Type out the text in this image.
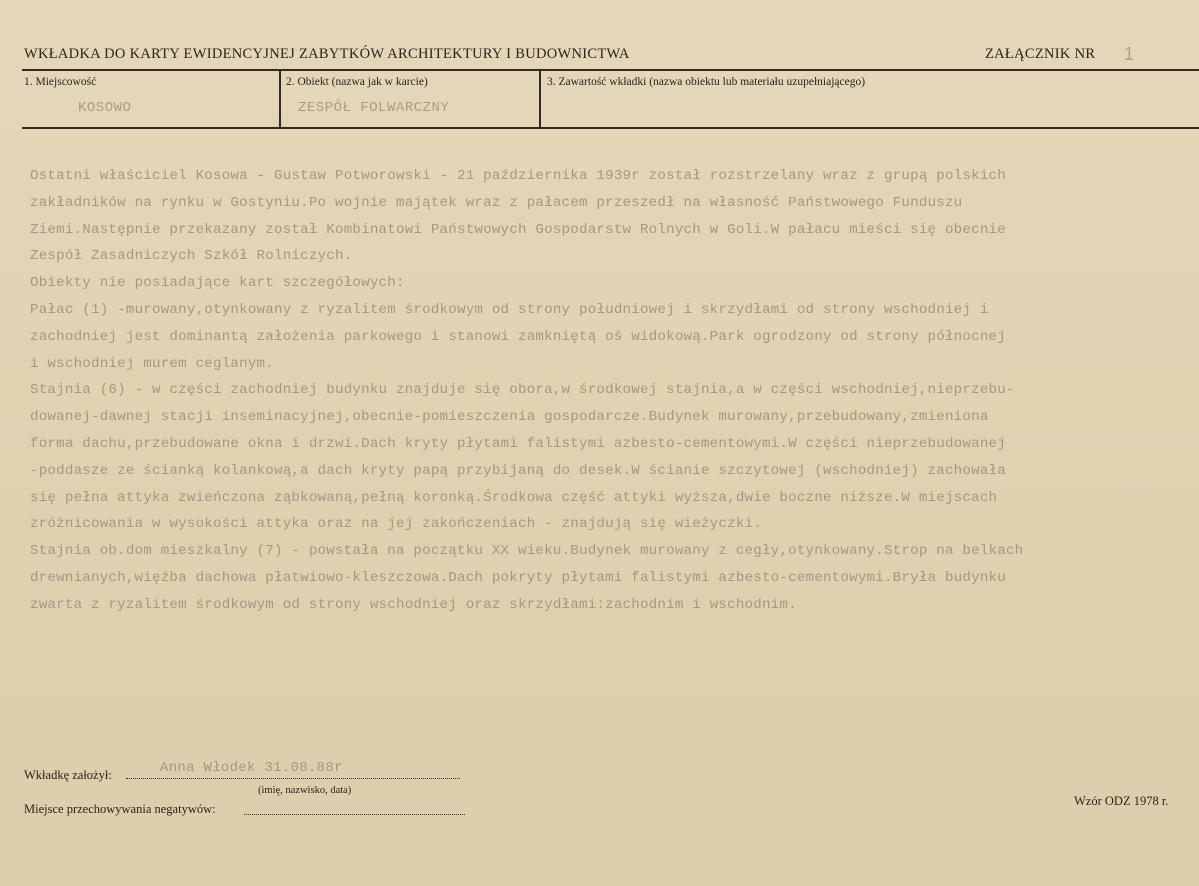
WKŁADKA DO KARTY EWIDENCYJNEJ ZABYTKÓW ARCHITEKTURY I BUDOWNICTWA	ZAŁĄCZNIK NR 1
1. Miejscowość
KOSOWO
2. Obiekt (nazwa jak w karcie)
ZESPÓŁ FOLWARCZNY
3. Zawartość wkładki (nazwa obiektu lub materiału uzupełniającego)

Ostatni właściciel Kosowa - Gustaw Potworowski - 21 października 1939r został rozstrzelany wraz z grupą polskich

zakładników na rynku w Gostyniu.Po wojnie majątek wraz z pałacem przeszedł na własność Państwowego Funduszu

Ziemi.Następnie przekazany został Kombinatowi Państwowych Gospodarstw Rolnych w Goli.W pałacu mieści się obecnie

Zespół Zasadniczych Szkół Rolniczych.

Obiekty nie posiadające kart szczegółowych:

Pałac (1) -murowany,otynkowany z ryzalitem środkowym od strony południowej i skrzydłami od strony wschodniej i

zachodniej jest dominantą założenia parkowego i stanowi zamkniętą oś widokową.Park ogrodzony od strony północnej

i wschodniej murem ceglanym.

Stajnia (6) - w części zachodniej budynku znajduje się obora,w środkowej stajnia,a w części wschodniej,nieprzebu-

dowanej-dawnej stacji inseminacyjnej,obecnie-pomieszczenia gospodarcze.Budynek murowany,przebudowany,zmieniona

forma dachu,przebudowane okna i drzwi.Dach kryty płytami falistymi azbesto-cementowymi.W części nieprzebudowanej

-poddasze ze ścianką kolankową,a dach kryty papą przybijaną do desek.W ścianie szczytowej (wschodniej) zachowała

się pełna attyka zwieńczona ząbkowaną,pełną koronką.Środkowa część attyki wyższa,dwie boczne niższe.W miejscach

zróżnicowania w wysokości attyka oraz na jej zakończeniach - znajdują się wieżyczki.

Stajnia ob.dom mieszkalny (7) - powstała na początku XX wieku.Budynek murowany z cegły,otynkowany.Strop na belkach

drewnianych,więźba dachowa płatwiowo-kleszczowa.Dach pokryty płytami falistymi azbesto-cementowymi.Bryła budynku

zwarta z ryzalitem środkowym od strony wschodniej oraz skrzydłami:zachodnim i wschodnim.

Wkładkę założył:	Anna Włodek 31.08.88r
(imię, nazwisko, data)
Miejsce przechowywania negatywów:
Wzór ODZ 1978 r.
